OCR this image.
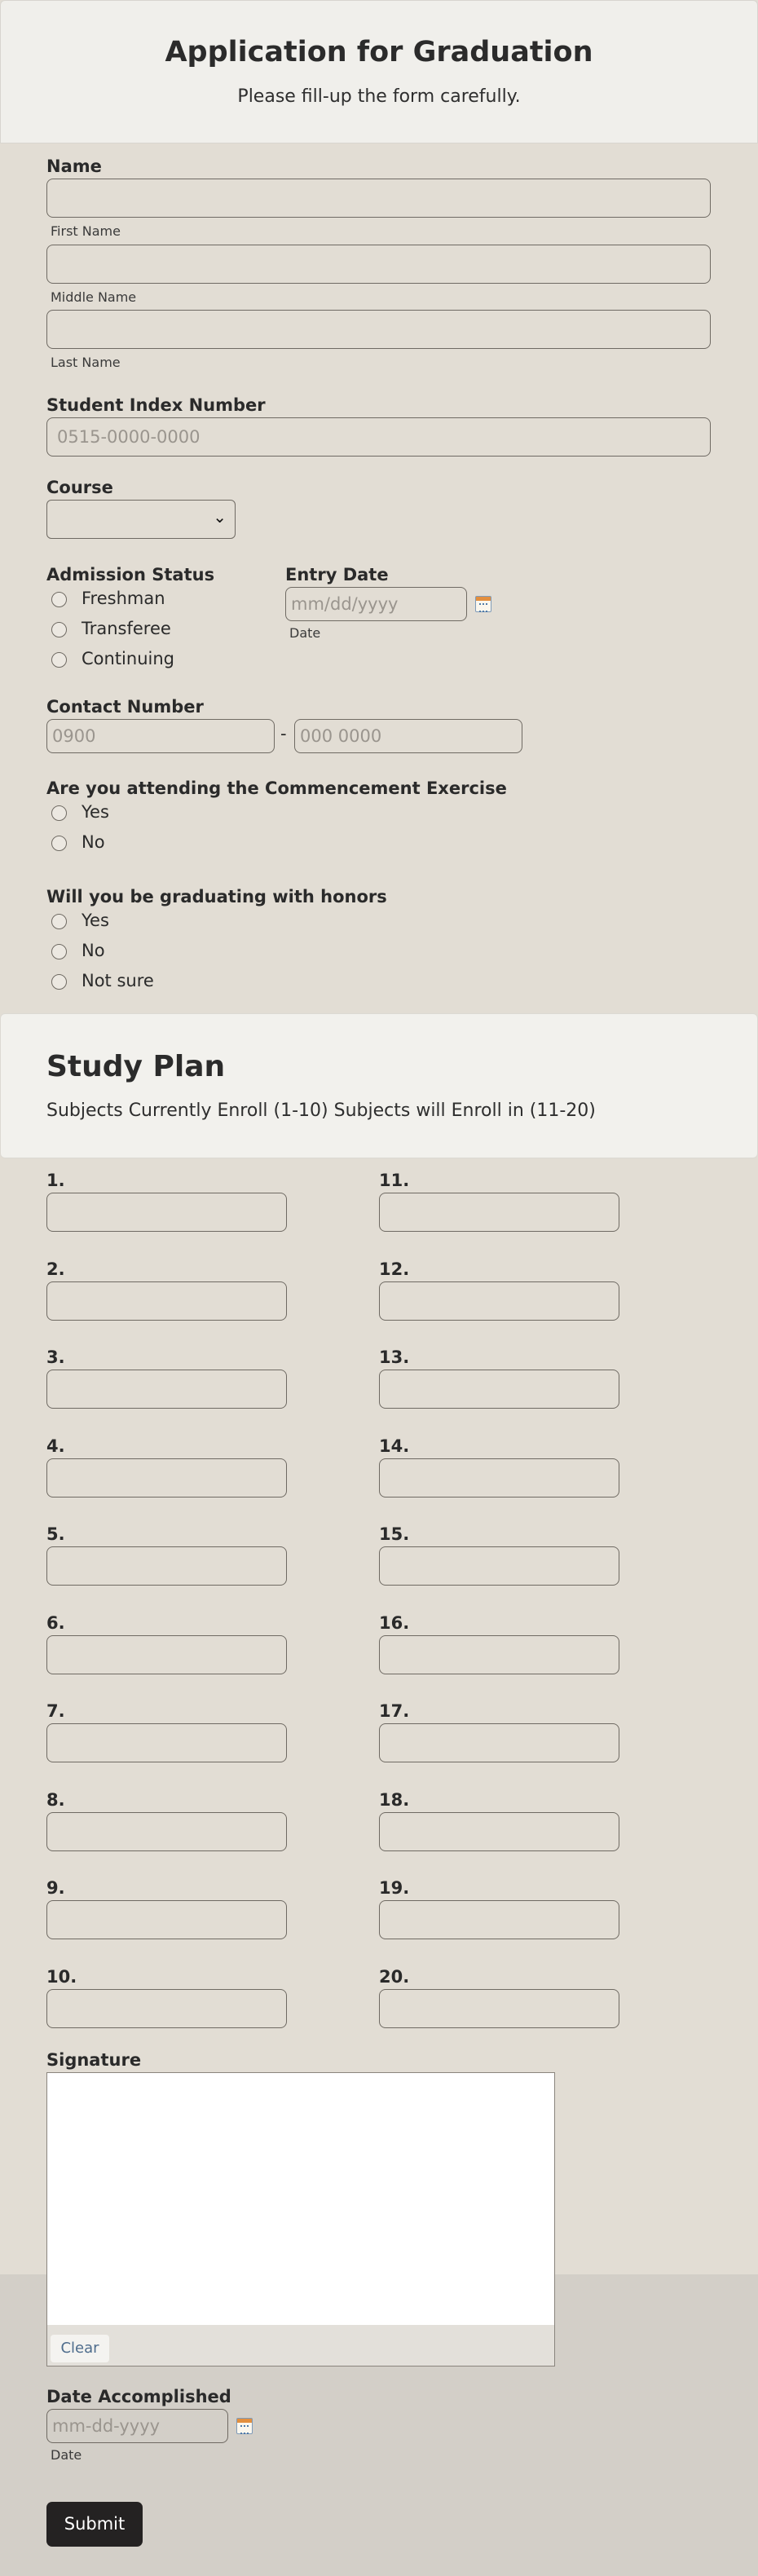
Application for Graduation
Please fill-up the form carefully.
Name
First Name
Middle Name
Last Name
Student Index Number
0515-0000-0000
Course
⌄
Admission Status
Freshman
Transferee
Continuing
Entry Date
mm/dd/yyyy
Date
Contact Number
0900
-
000 0000
Are you attending the Commencement Exercise
Yes
No
Will you be graduating with honors
Yes
No
Not sure
Study Plan
Subjects Currently Enroll (1-10) Subjects will Enroll in (11-20)
1.
2.
3.
4.
5.
6.
7.
8.
9.
10.
11.
12.
13.
14.
15.
16.
17.
18.
19.
20.
Signature
Clear
Date Accomplished
mm-dd-yyyy
Date
Submit
